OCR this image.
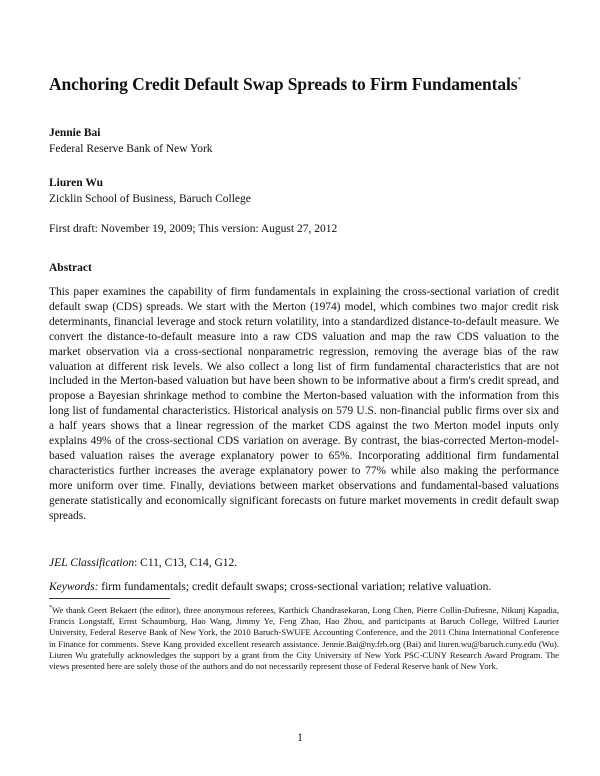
Anchoring Credit Default Swap Spreads to Firm Fundamentals*
Jennie Bai
Federal Reserve Bank of New York
Liuren Wu
Zicklin School of Business, Baruch College
First draft: November 19, 2009; This version: August 27, 2012
Abstract
This paper examines the capability of firm fundamentals in explaining the cross-sectional variation of credit default swap (CDS) spreads. We start with the Merton (1974) model, which combines two major credit risk determinants, financial leverage and stock return volatility, into a standardized distance-to-default measure. We convert the distance-to-default measure into a raw CDS valuation and map the raw CDS valuation to the market observation via a cross-sectional nonparametric regression, removing the average bias of the raw valuation at different risk levels. We also collect a long list of firm fundamental characteristics that are not included in the Merton-based valuation but have been shown to be informative about a firm's credit spread, and propose a Bayesian shrinkage method to combine the Merton-based valuation with the information from this long list of fundamental characteristics. Historical analysis on 579 U.S. non-financial public firms over six and a half years shows that a linear regression of the market CDS against the two Merton model inputs only explains 49% of the cross-sectional CDS variation on average. By contrast, the bias-corrected Merton-model-based valuation raises the average explanatory power to 65%. Incorporating additional firm fundamental characteristics further increases the average explanatory power to 77% while also making the performance more uniform over time. Finally, deviations between market observations and fundamental-based valuations generate statistically and economically significant forecasts on future market movements in credit default swap spreads.
JEL Classification: C11, C13, C14, G12.
Keywords: firm fundamentals; credit default swaps; cross-sectional variation; relative valuation.
*We thank Geert Bekaert (the editor), three anonymous referees, Karthick Chandrasekaran, Long Chen, Pierre Collin-Dufresne, Nikunj Kapadia, Francis Longstaff, Ernst Schaumburg, Hao Wang, Jimmy Ye, Feng Zhao, Hao Zhou, and participants at Baruch College, Wilfred Laurier University, Federal Reserve Bank of New York, the 2010 Baruch-SWUFE Accounting Conference, and the 2011 China International Conference in Finance for comments. Steve Kang provided excellent research assistance. Jennie.Bai@ny.frb.org (Bai) and liuren.wu@baruch.cuny.edu (Wu). Liuren Wu gratefully acknowledges the support by a grant from the City University of New York PSC-CUNY Research Award Program. The views presented here are solely those of the authors and do not necessarily represent those of Federal Reserve bank of New York.
1
